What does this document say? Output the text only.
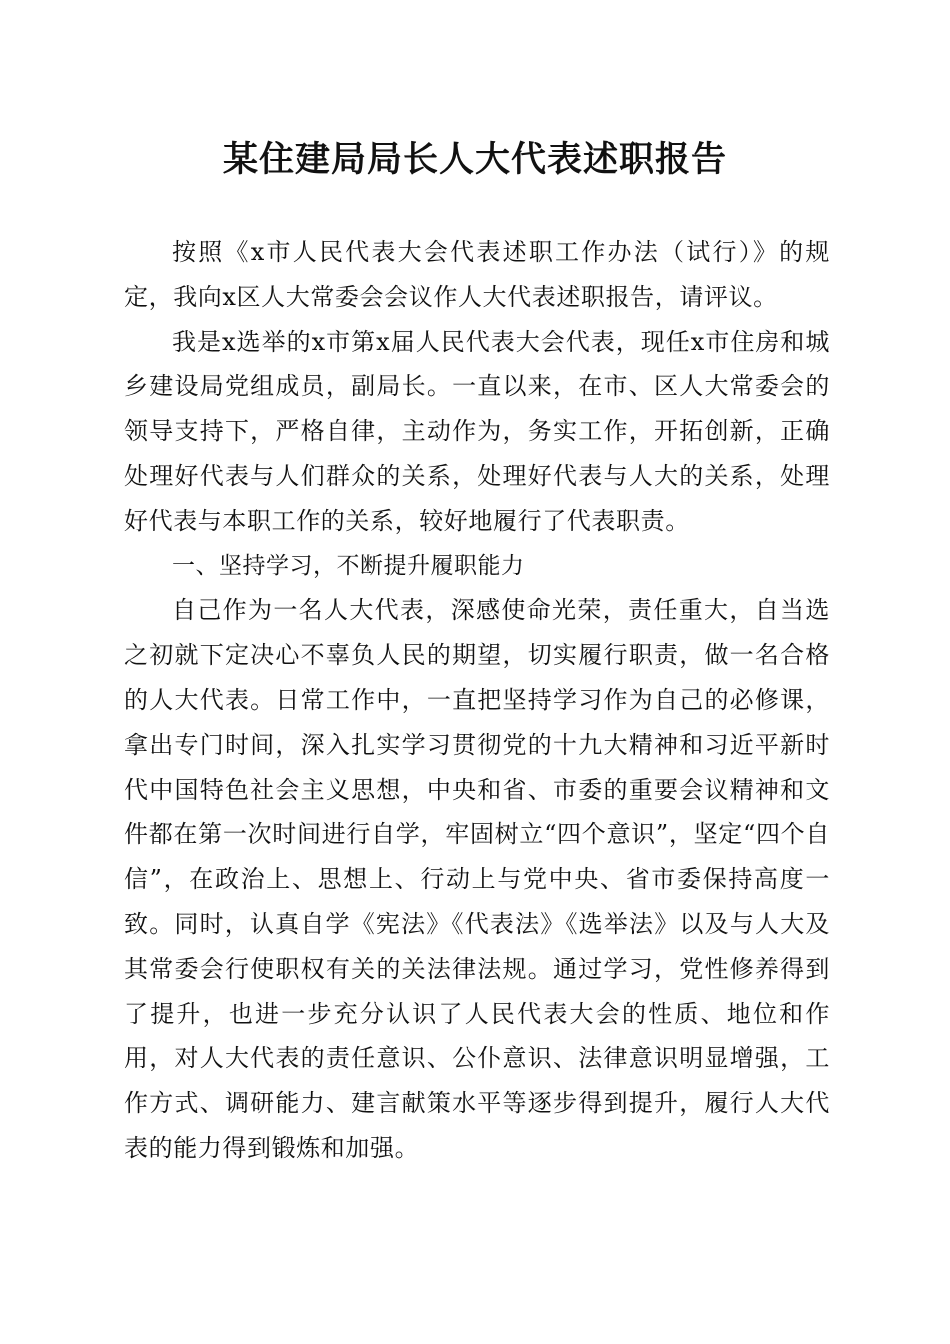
某住建局局长人大代表述职报告

按照《x市人民代表大会代表述职工作办法（试行）》的规定，我向x区人大常委会会议作人大代表述职报告，请评议。

我是x选举的x市第x届人民代表大会代表，现任x市住房和城乡建设局党组成员，副局长。一直以来，在市、区人大常委会的领导支持下，严格自律，主动作为，务实工作，开拓创新，正确处理好代表与人们群众的关系，处理好代表与人大的关系，处理好代表与本职工作的关系，较好地履行了代表职责。

一、坚持学习，不断提升履职能力

自己作为一名人大代表，深感使命光荣，责任重大，自当选之初就下定决心不辜负人民的期望，切实履行职责，做一名合格的人大代表。日常工作中，一直把坚持学习作为自己的必修课，拿出专门时间，深入扎实学习贯彻党的十九大精神和习近平新时代中国特色社会主义思想，中央和省、市委的重要会议精神和文件都在第一次时间进行自学，牢固树立“四个意识”，坚定“四个自信”，在政治上、思想上、行动上与党中央、省市委保持高度一致。同时，认真自学《宪法》《代表法》《选举法》以及与人大及其常委会行使职权有关的关法律法规。通过学习，党性修养得到了提升，也进一步充分认识了人民代表大会的性质、地位和作用，对人大代表的责任意识、公仆意识、法律意识明显增强，工作方式、调研能力、建言献策水平等逐步得到提升，履行人大代表的能力得到锻炼和加强。
